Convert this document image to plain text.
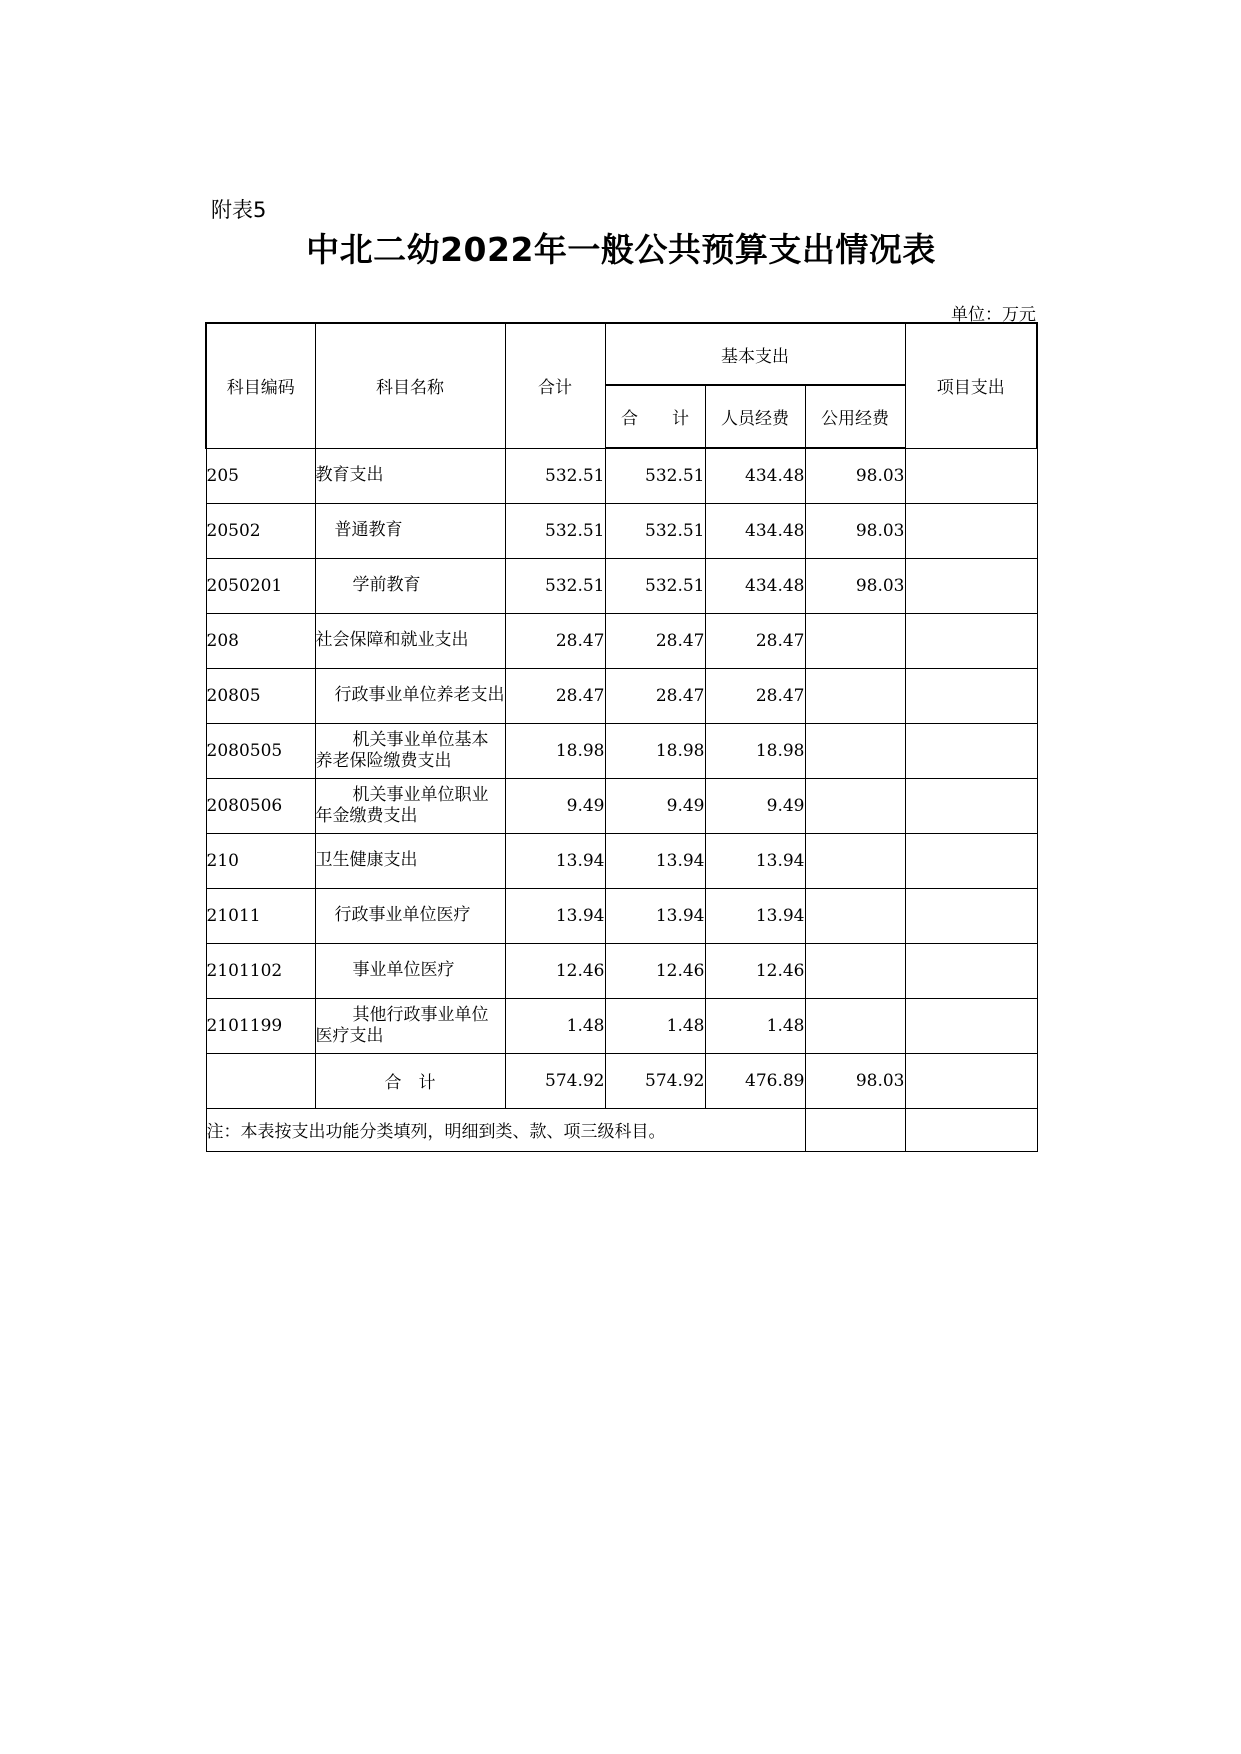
附表5
中北二幼2022年一般公共预算支出情况表
单位：万元
科目编码	科目名称	合计	基本支出			项目支出
			合　　计	人员经费	公用经费	
205	教育支出	532.51	532.51	434.48	98.03	
20502	普通教育	532.51	532.51	434.48	98.03	
2050201	学前教育	532.51	532.51	434.48	98.03	
208	社会保障和就业支出	28.47	28.47	28.47		
20805	行政事业单位养老支出	28.47	28.47	28.47		
2080505	机关事业单位基本养老保险缴费支出	18.98	18.98	18.98		
2080506	机关事业单位职业年金缴费支出	9.49	9.49	9.49		
210	卫生健康支出	13.94	13.94	13.94		
21011	行政事业单位医疗	13.94	13.94	13.94		
2101102	事业单位医疗	12.46	12.46	12.46		
2101199	其他行政事业单位医疗支出	1.48	1.48	1.48		
	合　计	574.92	574.92	476.89	98.03	
注：本表按支出功能分类填列，明细到类、款、项三级科目。						
